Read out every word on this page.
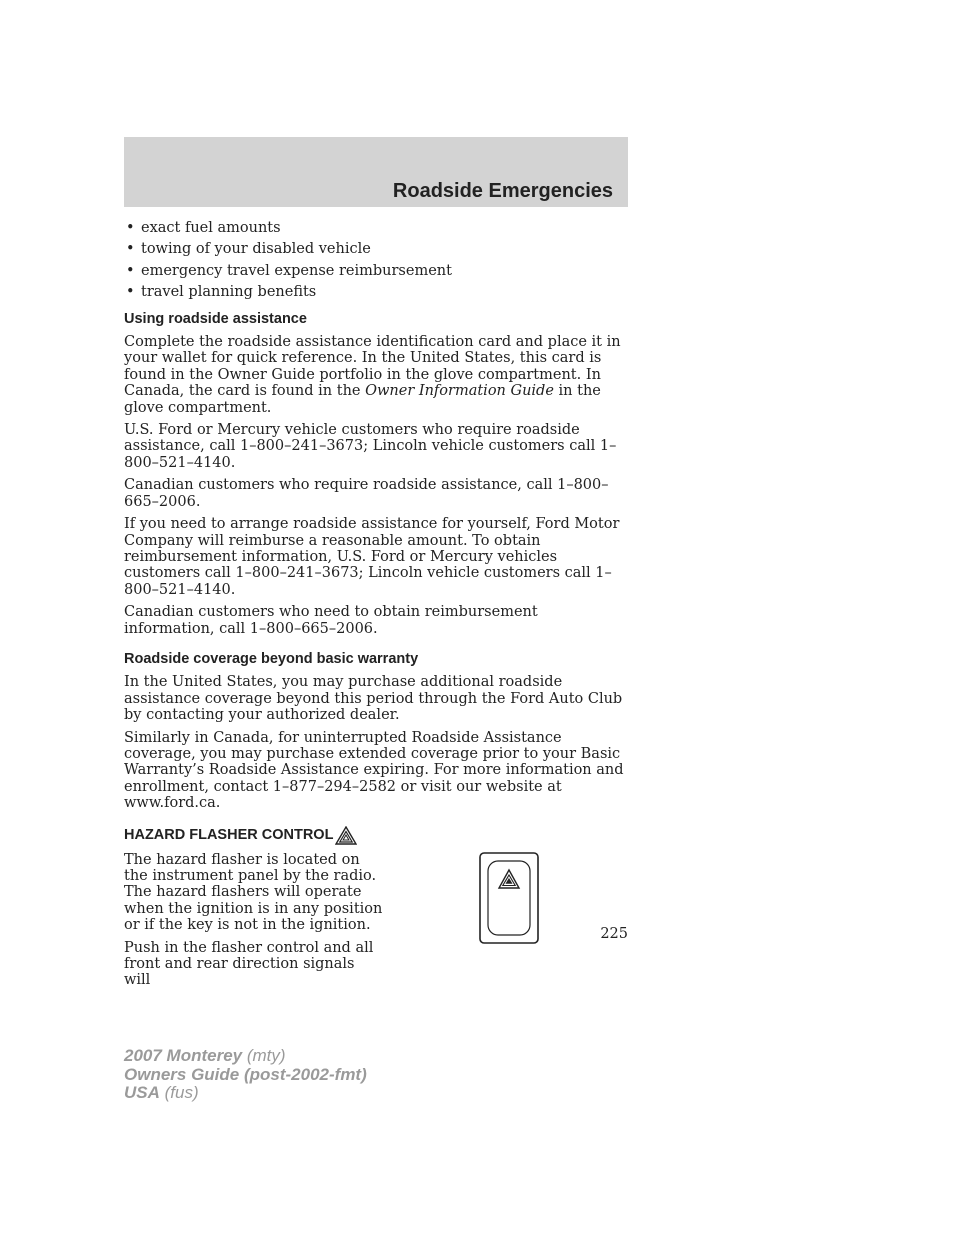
Roadside Emergencies
• exact fuel amounts
• towing of your disabled vehicle
• emergency travel expense reimbursement
• travel planning benefits
Using roadside assistance

Complete the roadside assistance identification card and place it in your wallet for quick reference. In the United States, this card is found in the Owner Guide portfolio in the glove compartment. In Canada, the card is found in the Owner Information Guide in the glove compartment.

U.S. Ford or Mercury vehicle customers who require roadside assistance, call 1–800–241–3673; Lincoln vehicle customers call 1–800–521–4140.

Canadian customers who require roadside assistance, call 1–800–665–2006.

If you need to arrange roadside assistance for yourself, Ford Motor Company will reimburse a reasonable amount. To obtain reimbursement information, U.S. Ford or Mercury vehicles customers call 1–800–241–3673; Lincoln vehicle customers call 1–800–521–4140.

Canadian customers who need to obtain reimbursement information, call 1–800–665–2006.

Roadside coverage beyond basic warranty

In the United States, you may purchase additional roadside assistance coverage beyond this period through the Ford Auto Club by contacting your authorized dealer.

Similarly in Canada, for uninterrupted Roadside Assistance coverage, you may purchase extended coverage prior to your Basic Warranty’s Roadside Assistance expiring. For more information and enrollment, contact 1–877–294–2582 or visit our website at www.ford.ca.

HAZARD FLASHER CONTROL

The hazard flasher is located on the instrument panel by the radio. The hazard flashers will operate when the ignition is in any position or if the key is not in the ignition.

Push in the flasher control and all front and rear direction signals will

225
2007 Monterey (mty)
Owners Guide (post-2002-fmt)
USA (fus)
